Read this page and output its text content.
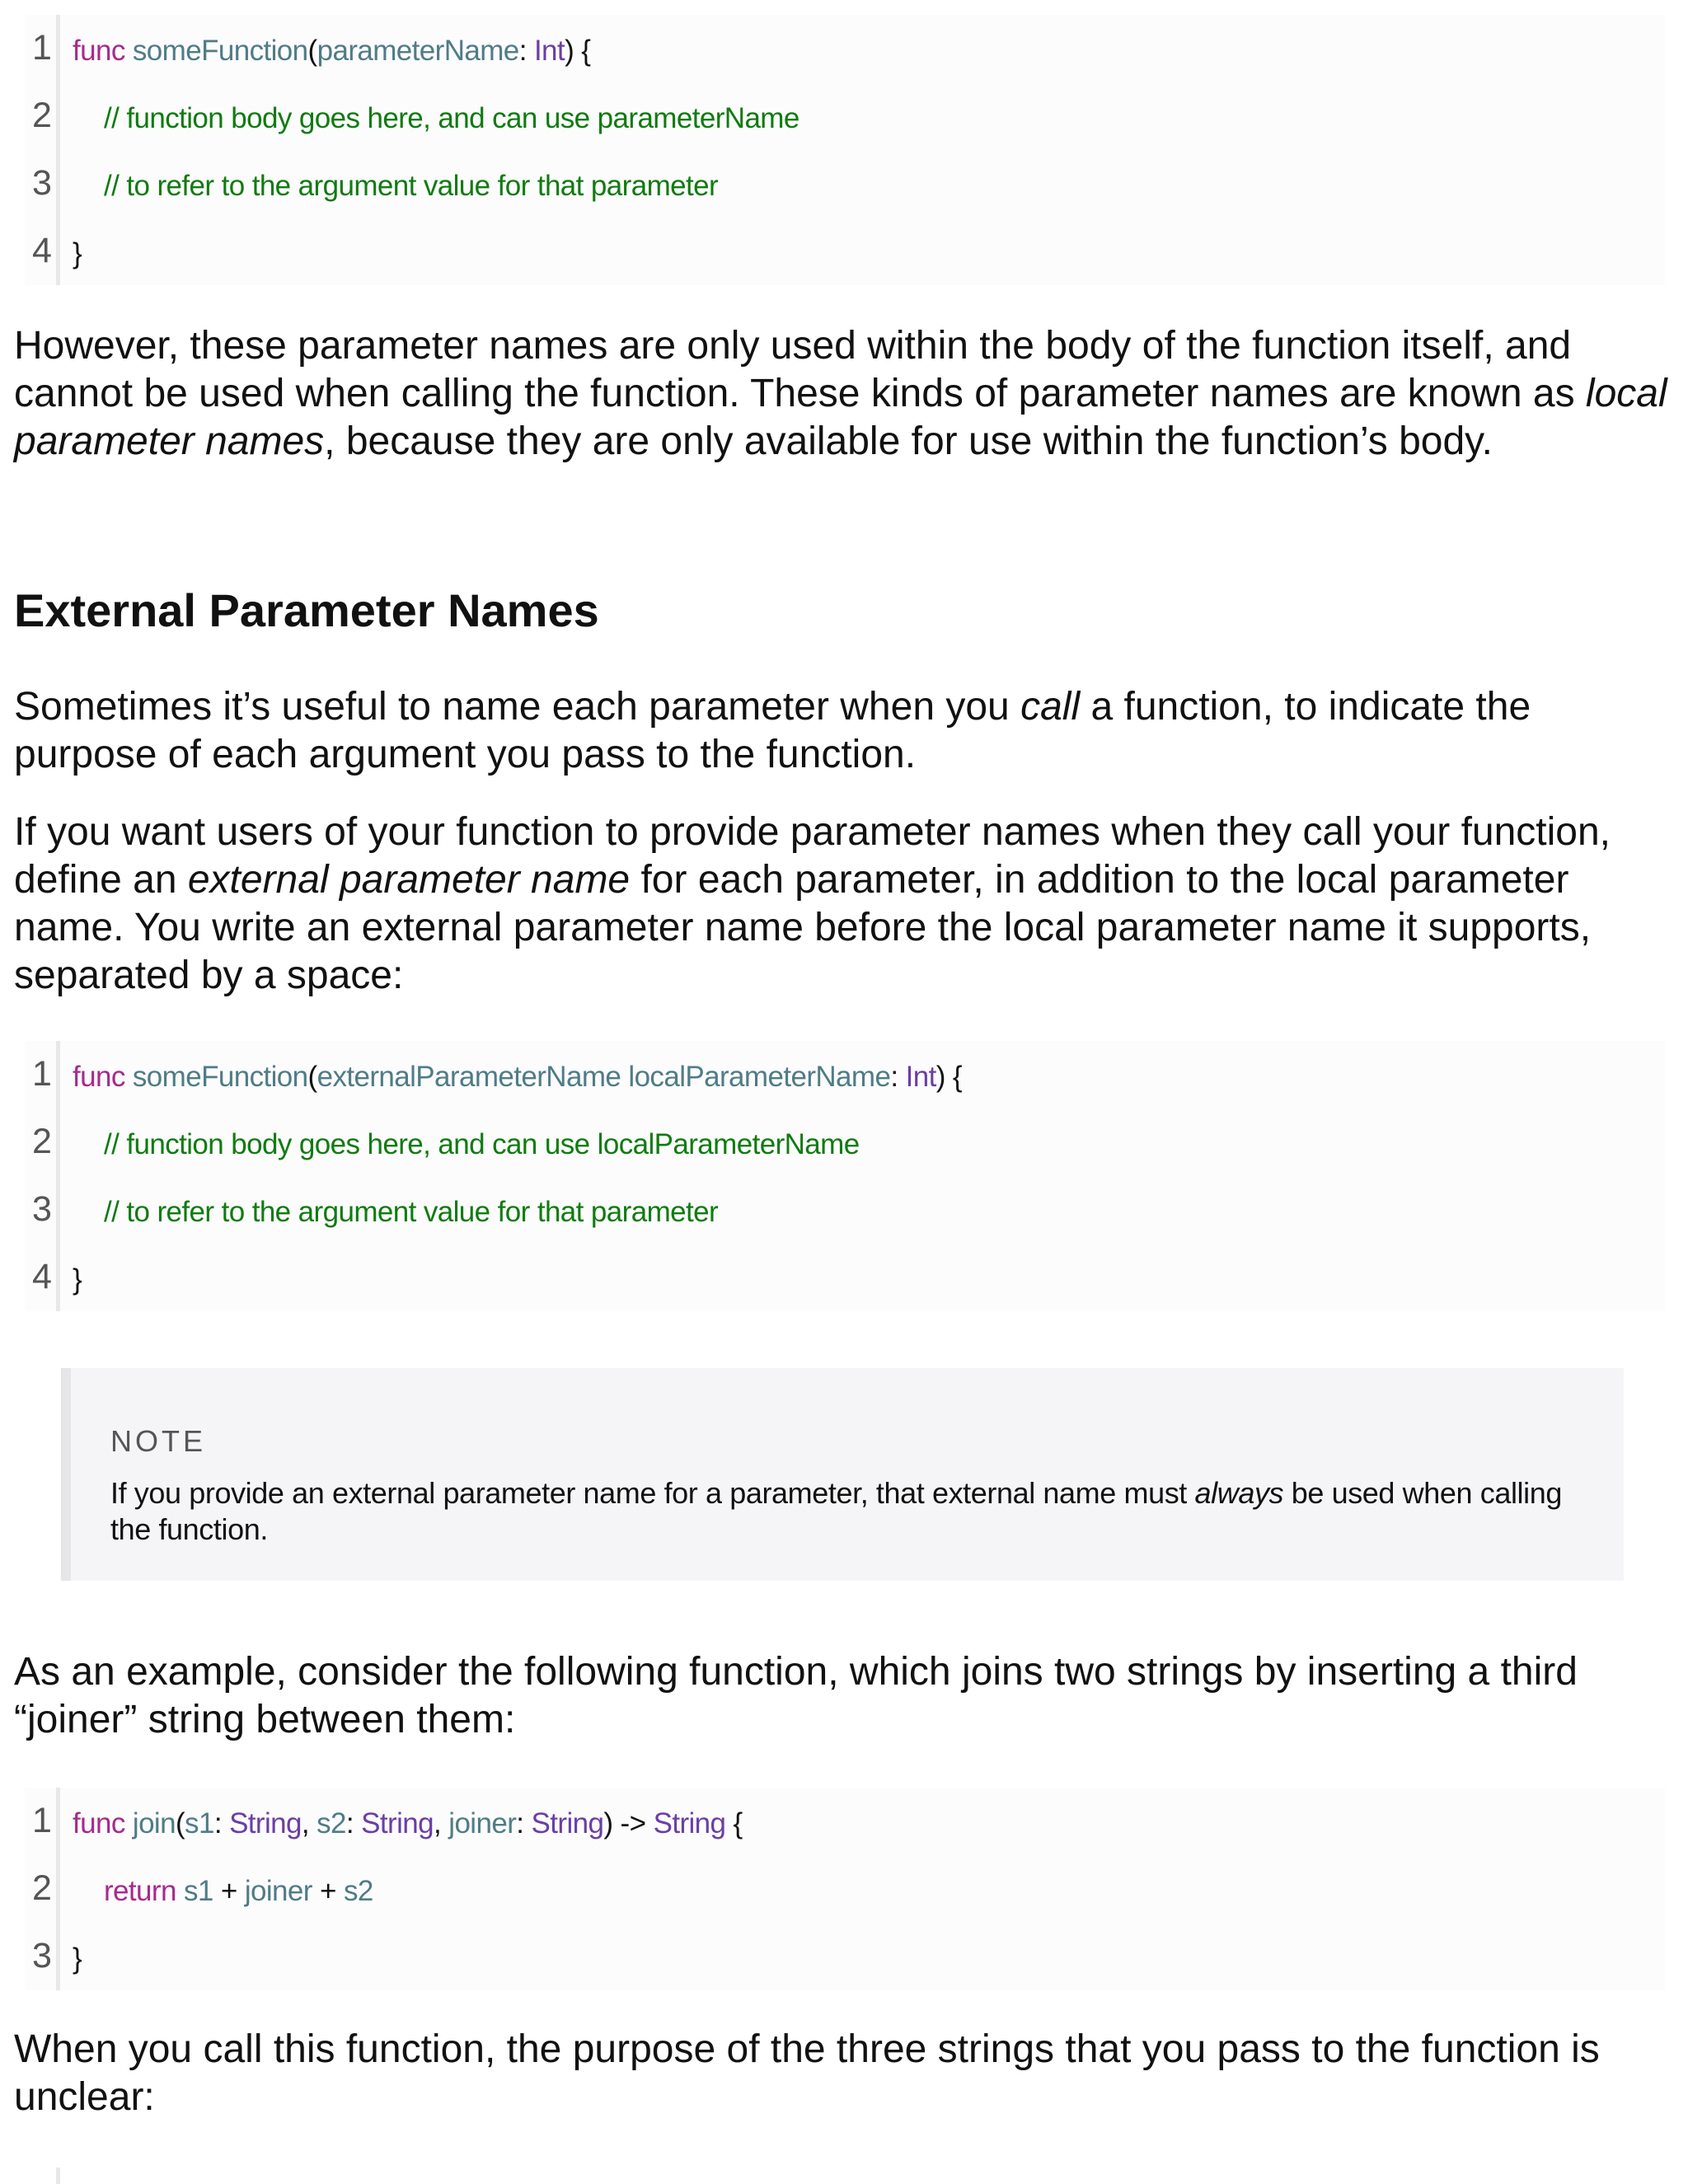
1 func someFunction(parameterName: Int) {
2 // function body goes here, and can use parameterName
3 // to refer to the argument value for that parameter
4 }

However, these parameter names are only used within the body of the function itself, and cannot be used when calling the function. These kinds of parameter names are known as local parameter names, because they are only available for use within the function’s body.

External Parameter Names

Sometimes it’s useful to name each parameter when you call a function, to indicate the purpose of each argument you pass to the function.

If you want users of your function to provide parameter names when they call your function, define an external parameter name for each parameter, in addition to the local parameter name. You write an external parameter name before the local parameter name it supports, separated by a space:

1 func someFunction(externalParameterName localParameterName: Int) {
2 // function body goes here, and can use localParameterName
3 // to refer to the argument value for that parameter
4 }
NOTE
If you provide an external parameter name for a parameter, that external name must always be used when calling the function.

As an example, consider the following function, which joins two strings by inserting a third “joiner” string between them:

1 func join(s1: String, s2: String, joiner: String) -> String {
2 return s1 + joiner + s2
3 }

When you call this function, the purpose of the three strings that you pass to the function is unclear:
